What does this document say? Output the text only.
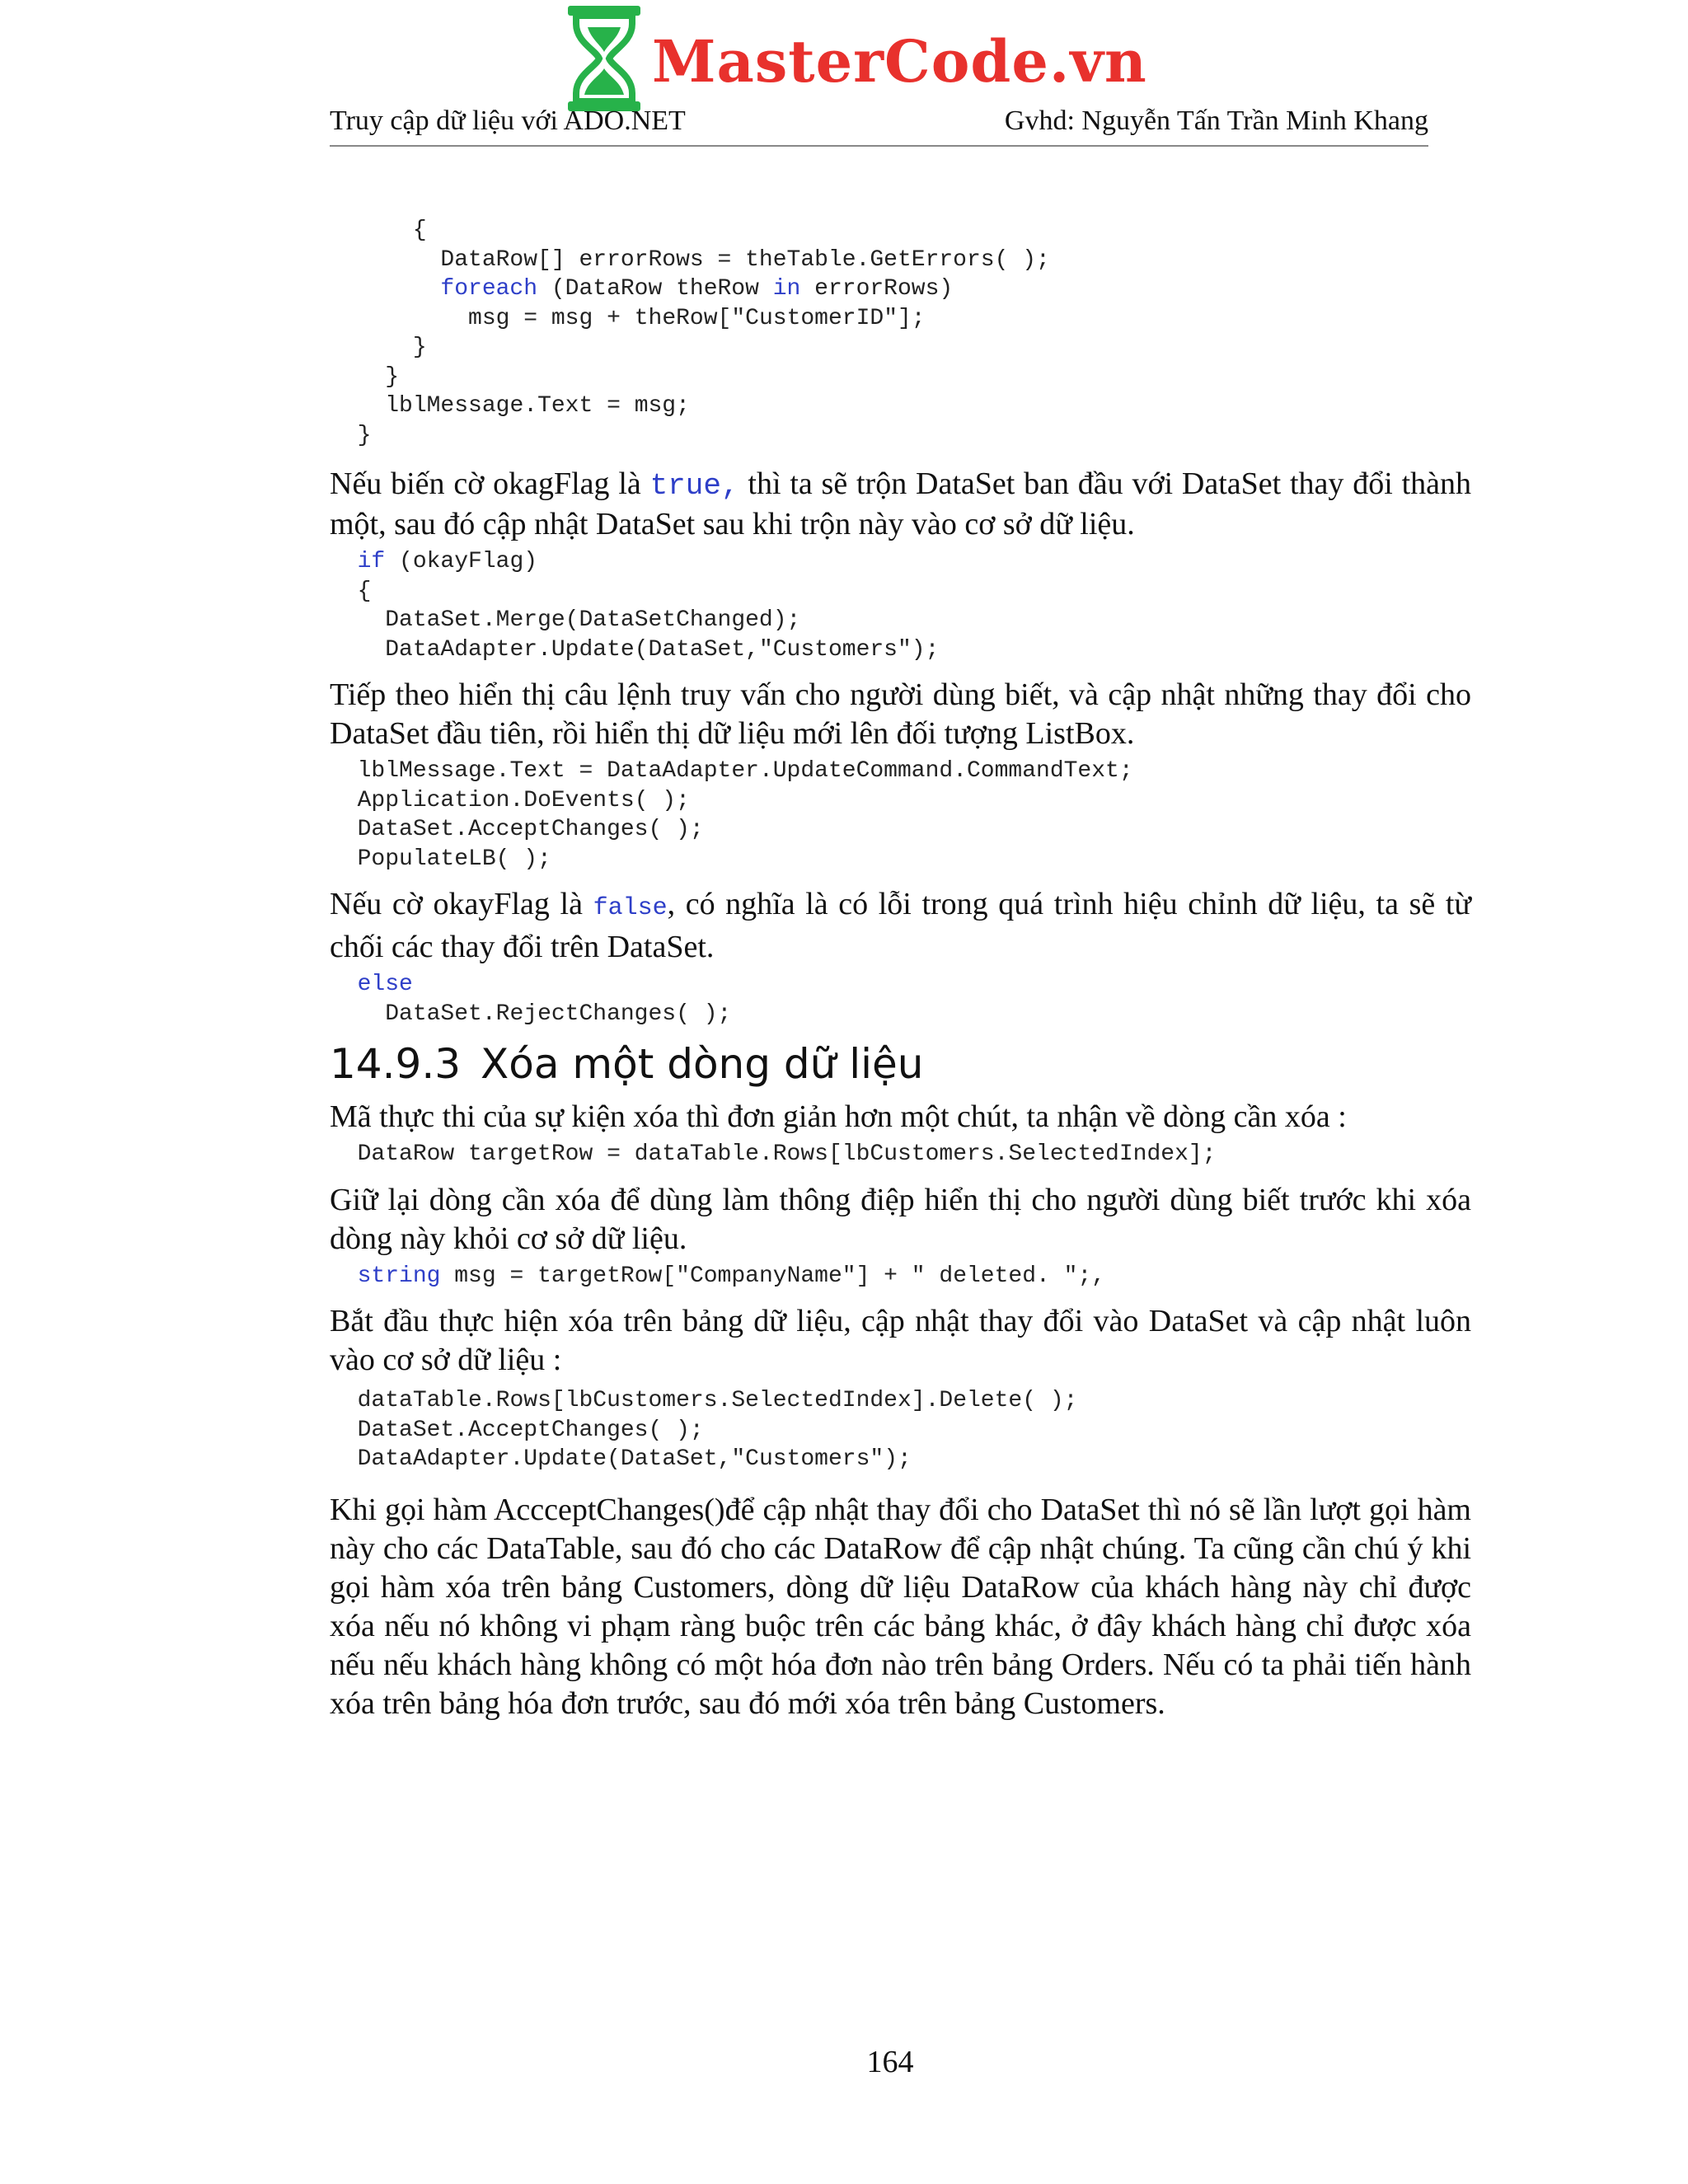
MasterCode.vn
Truy cập dữ liệu với ADO.NET	Gvhd: Nguyễn Tấn Trần Minh Khang
{
DataRow[] errorRows = theTable.GetErrors( );
foreach (DataRow theRow in errorRows)
msg = msg + theRow["CustomerID"];
}
}
lblMessage.Text = msg;
}

Nếu biến cờ okagFlag là true, thì ta sẽ trộn DataSet ban đầu với DataSet thay đổi thành một, sau đó cập nhật DataSet sau khi trộn này vào cơ sở dữ liệu.

if (okayFlag)
{
DataSet.Merge(DataSetChanged);
DataAdapter.Update(DataSet,"Customers");

Tiếp theo hiển thị câu lệnh truy vấn cho người dùng biết, và cập nhật những thay đổi cho DataSet đầu tiên, rồi hiển thị dữ liệu mới lên đối tượng ListBox.

lblMessage.Text = DataAdapter.UpdateCommand.CommandText;
Application.DoEvents( );
DataSet.AcceptChanges( );
PopulateLB( );

Nếu cờ okayFlag là false, có nghĩa là có lỗi trong quá trình hiệu chỉnh dữ liệu, ta sẽ từ chối các thay đổi trên DataSet.

else
DataSet.RejectChanges( );
14.9.3 Xóa một dòng dữ liệu

Mã thực thi của sự kiện xóa thì đơn giản hơn một chút, ta nhận về dòng cần xóa :

DataRow targetRow = dataTable.Rows[lbCustomers.SelectedIndex];

Giữ lại dòng cần xóa để dùng làm thông điệp hiển thị cho người dùng biết trước khi xóa dòng này khỏi cơ sở dữ liệu.

string msg = targetRow["CompanyName"] + " deleted. ";,

Bắt đầu thực hiện xóa trên bảng dữ liệu, cập nhật thay đổi vào DataSet và cập nhật luôn vào cơ sở dữ liệu :

dataTable.Rows[lbCustomers.SelectedIndex].Delete( );
DataSet.AcceptChanges( );
DataAdapter.Update(DataSet,"Customers");

Khi gọi hàm AccceptChanges()để cập nhật thay đổi cho DataSet thì nó sẽ lần lượt gọi hàm này cho các DataTable, sau đó cho các DataRow để cập nhật chúng. Ta cũng cần chú ý khi gọi hàm xóa trên bảng Customers, dòng dữ liệu DataRow của khách hàng này chỉ được xóa nếu nó không vi phạm ràng buộc trên các bảng khác, ở đây khách hàng chỉ được xóa nếu nếu khách hàng không có một hóa đơn nào trên bảng Orders. Nếu có ta phải tiến hành xóa trên bảng hóa đơn trước, sau đó mới xóa trên bảng Customers.

164
